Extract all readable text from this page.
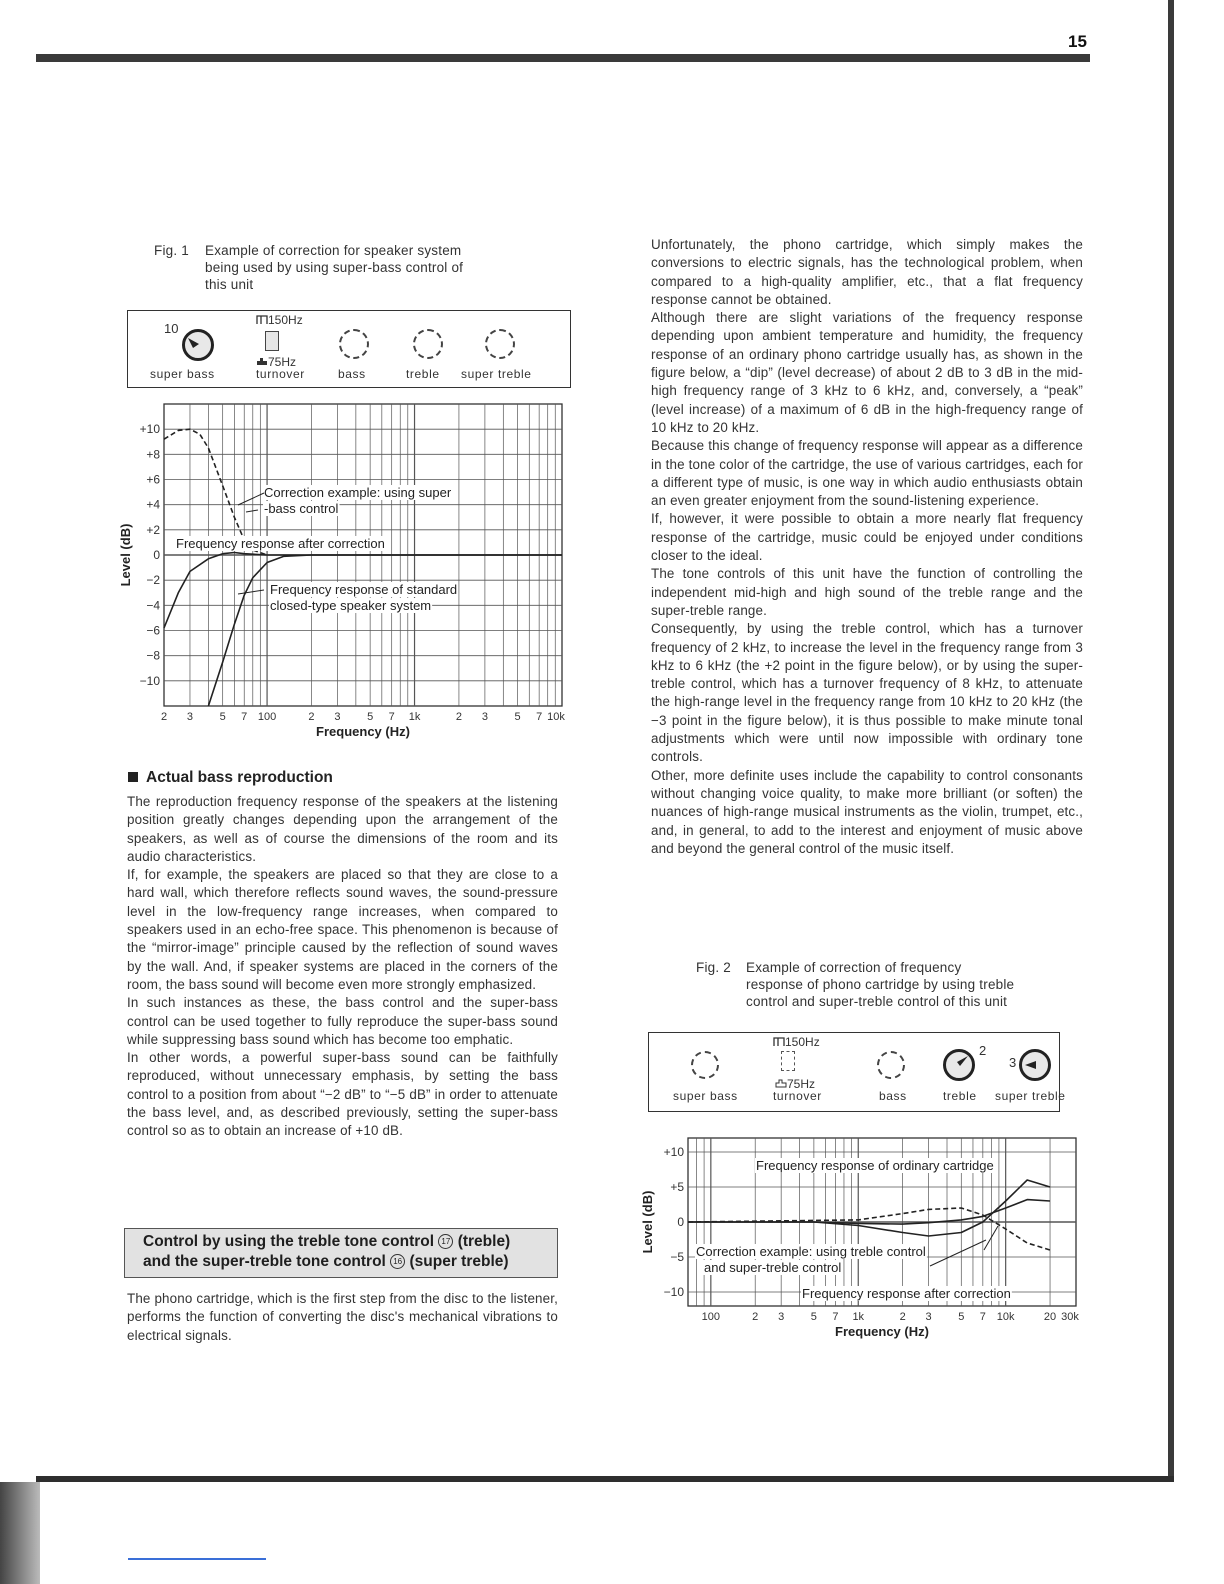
15
Fig. 1 Example of correction for speaker system
being used by using super-bass control of
this unit
10
150Hz
75Hz
super bass	turnover	bass	treble super treble
+10
+8
+6
+4
+2
0
−2
−4
−6
−8
−10
2 3 5 7 100	2 3 5 7 1k	2 3 5 7 10k
Frequency (Hz)
Level (dB)
Correction example: using super
-bass control
Frequency response after correction
Frequency response of standard
closed-type speaker system
Actual bass reproduction

The reproduction frequency response of the speakers at the listening position greatly changes depending upon the arrangement of the speakers, as well as of course the dimensions of the room and its audio characteristics.

If, for example, the speakers are placed so that they are close to a hard wall, which therefore reflects sound waves, the sound-pressure level in the low-frequency range increases, when compared to speakers used in an echo-free space. This phenomenon is because of the “mirror-image” principle caused by the reflection of sound waves by the wall. And, if speaker systems are placed in the corners of the room, the bass sound will become even more strongly emphasized.

In such instances as these, the bass control and the super-bass control can be used together to fully reproduce the super-bass sound while suppressing bass sound which has become too emphatic.

In other words, a powerful super-bass sound can be faithfully reproduced, without unnecessary emphasis, by setting the bass control to a position from about “−2 dB” to “−5 dB” in order to attenuate the bass level, and, as described previously, setting the super-bass control so as to obtain an increase of +10 dB.

Control by using the treble tone control 17 (treble)
and the super-treble tone control 16 (super treble)

The phono cartridge, which is the first step from the disc to the listener, performs the function of converting the disc's mechanical vibrations to electrical signals.

Unfortunately, the phono cartridge, which simply makes the conversions to electric signals, has the technological problem, when compared to a high-quality amplifier, etc., that a flat frequency response cannot be obtained.

Although there are slight variations of the frequency response depending upon ambient temperature and humidity, the frequency response of an ordinary phono cartridge usually has, as shown in the figure below, a “dip” (level decrease) of about 2 dB to 3 dB in the mid-high frequency range of 3 kHz to 6 kHz, and, conversely, a “peak” (level increase) of a maximum of 6 dB in the high-frequency range of 10 kHz to 20 kHz.

Because this change of frequency response will appear as a difference in the tone color of the cartridge, the use of various cartridges, each for a different type of music, is one way in which audio enthusiasts obtain an even greater enjoyment from the sound-listening experience.

If, however, it were possible to obtain a more nearly flat frequency response of the cartridge, music could be enjoyed under conditions closer to the ideal.

The tone controls of this unit have the function of controlling the independent mid-high and high sound of the treble range and the super-treble range.

Consequently, by using the treble control, which has a turnover frequency of 2 kHz, to increase the level in the frequency range from 3 kHz to 6 kHz (the +2 point in the figure below), or by using the super-treble control, which has a turnover frequency of 8 kHz, to attenuate the high-range level in the frequency range from 10 kHz to 20 kHz (the −3 point in the figure below), it is thus possible to make minute tonal adjustments which were until now impossible with ordinary tone controls.

Other, more definite uses include the capability to control consonants without changing voice quality, to make more brilliant (or soften) the nuances of high-range musical instruments as the violin, trumpet, etc., and, in general, to add to the interest and enjoyment of music above and beyond the general control of the music itself.

Fig. 2 Example of correction of frequency
response of phono cartridge by using treble
control and super-treble control of this unit
150Hz
75Hz
2
3
super bass	turnover	bass	treble super treble
+10
+5
0
−5
−10
100	2 3 5 7 1k	2 3 5 7 10k	20 30k
Frequency (Hz)
Level (dB)
Frequency response of ordinary cartridge
Correction example: using treble control
and super-treble control
Frequency response after correction
